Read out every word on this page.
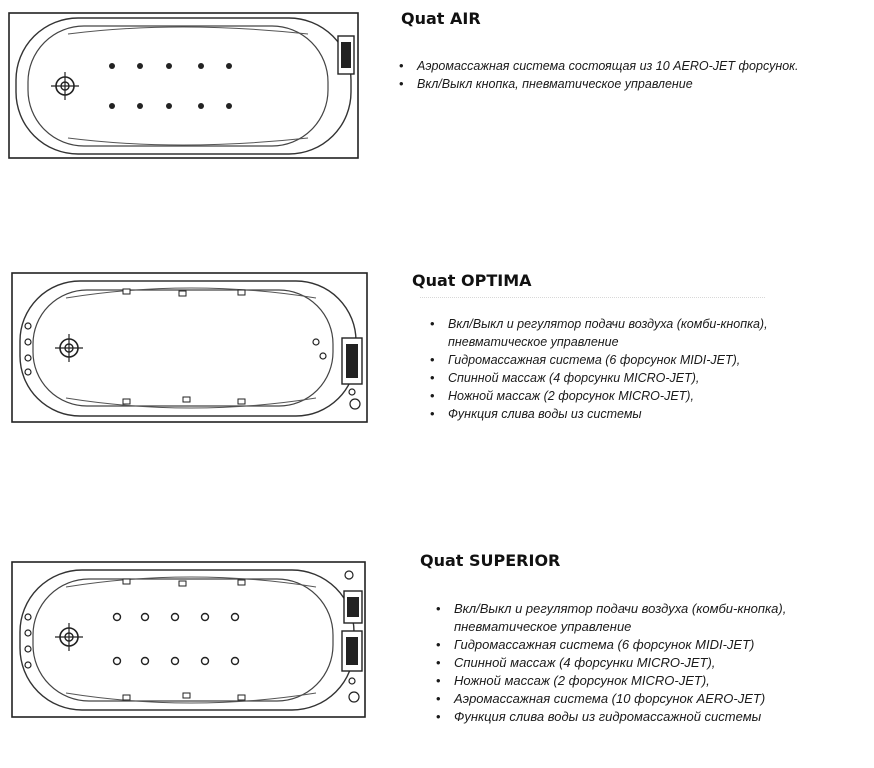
Quat AIR
• Аэромассажная система состоящая из 10 AERO-JET форсунок.
• Вкл/Выкл кнопка, пневматическое управление
Quat OPTIMA
• Вкл/Выкл и регулятор подачи воздуха (комби-кнопка),
пневматическое управление
• Гидромассажная система (6 форсунок MIDI-JET),
• Спинной массаж (4 форсунки MICRO-JET),
• Ножной массаж (2 форсунок MICRO-JET),
• Функция слива воды из системы
Quat SUPERIOR
• Вкл/Выкл и регулятор подачи воздуха (комби-кнопка),
пневматическое управление
• Гидромассажная система (6 форсунок MIDI-JET)
• Спинной массаж (4 форсунки MICRO-JET),
• Ножной массаж (2 форсунок MICRO-JET),
• Аэромассажная система (10 форсунок AERO-JET)
• Функция слива воды из гидромассажной системы
